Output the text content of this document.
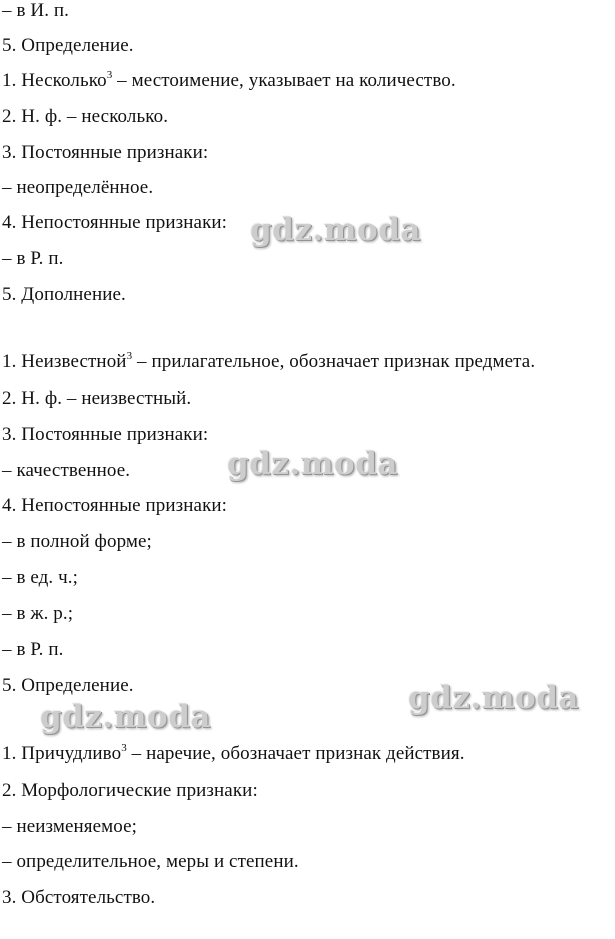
– в И. п.
5. Определение.
1. Несколько$^3$ – местоимение, указывает на количество.
2. Н. ф. – несколько.
3. Постоянные признаки:
– неопределённое.
4. Непостоянные признаки:
– в Р. п.
5. Дополнение.
1. Неизвестной$^3$ – прилагательное, обозначает признак предмета.
2. Н. ф. – неизвестный.
3. Постоянные признаки:
– качественное.
4. Непостоянные признаки:
– в полной форме;
– в ед. ч.;
– в ж. р.;
– в Р. п.
5. Определение.
1. Причудливо$^3$ – наречие, обозначает признак действия.
2. Морфологические признаки:
– неизменяемое;
– определительное, меры и степени.
3. Обстоятельство.
gdz.moda
gdz.moda
gdz.moda
gdz.moda
